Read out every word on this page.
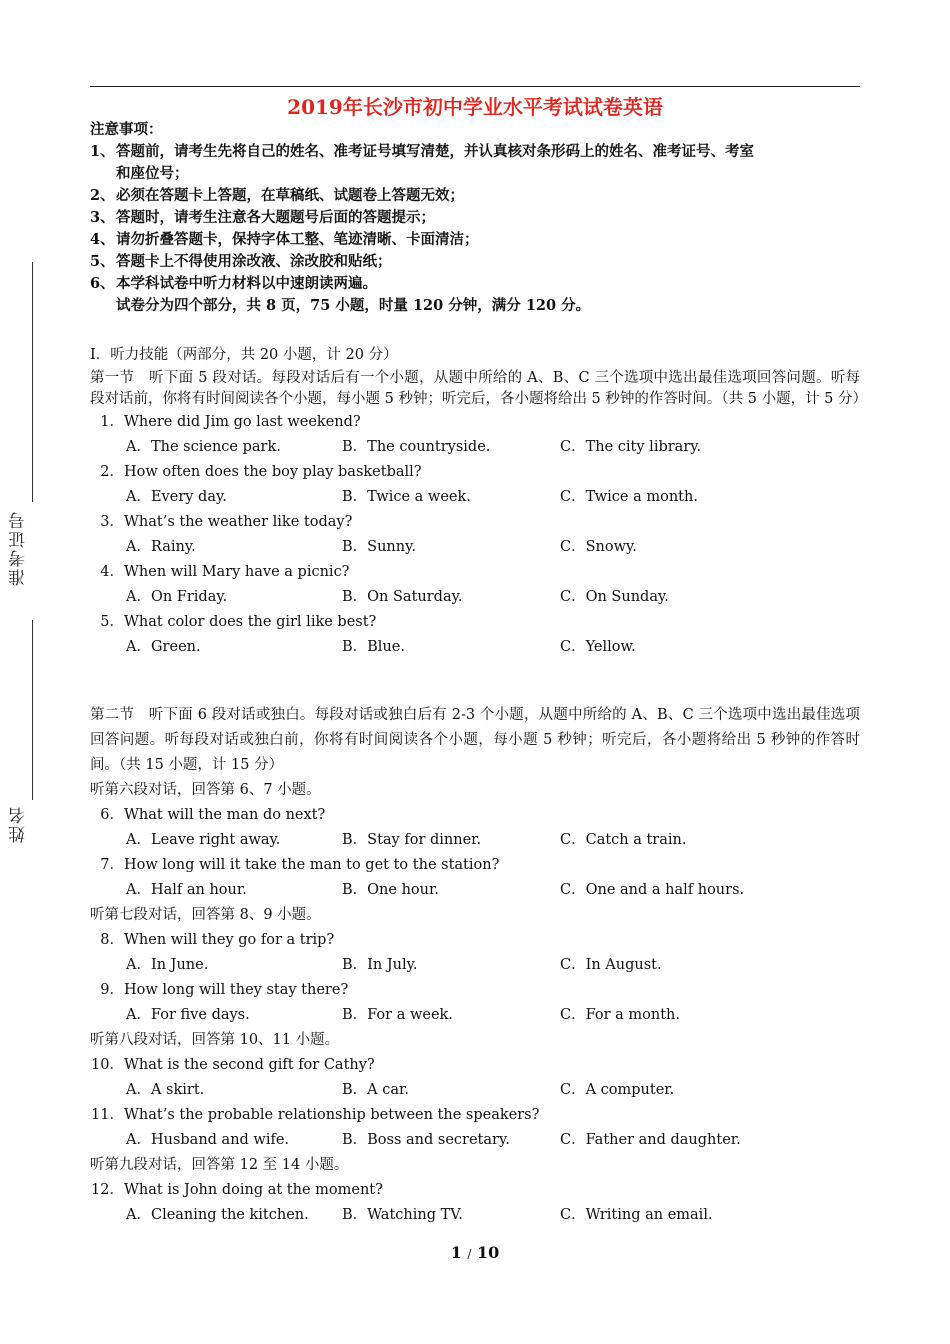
2019年长沙市初中学业水平考试试卷英语
注意事项：
1、 答题前，请考生先将自己的姓名、准考证号填写清楚，并认真核对条形码上的姓名、准考证号、考室
和座位号；
2、 必须在答题卡上答题，在草稿纸、试题卷上答题无效；
3、 答题时，请考生注意各大题题号后面的答题提示；
4、 请勿折叠答题卡，保持字体工整、笔迹清晰、卡面清洁；
5、 答题卡上不得使用涂改液、涂改胶和贴纸；
6、 本学科试卷中听力材料以中速朗读两遍。
试卷分为四个部分，共 8 页，75 小题，时量 120 分钟，满分 120 分。
准考证号
姓名
I．听力技能（两部分，共 20 小题，计 20 分）
第一节　听下面 5 段对话。每段对话后有一个小题，从题中所给的 A、B、C 三个选项中选出最佳选项回答问题。听每段对话前，你将有时间阅读各个小题，每小题 5 秒钟；听完后，各小题将给出 5 秒钟的作答时间。（共 5 小题，计 5 分）
1． Where did Jim go last weekend?
A．The science park.	B．The countryside.	C．The city library.
2． How often does the boy play basketball?
A．Every day.	B．Twice a week.	C．Twice a month.
3． What’s the weather like today?
A．Rainy.	B．Sunny.	C．Snowy.
4． When will Mary have a picnic?
A．On Friday.	B．On Saturday.	C．On Sunday.
5． What color does the girl like best?
A．Green.	B．Blue.	C．Yellow.
第二节　听下面 6 段对话或独白。每段对话或独白后有 2-3 个小题，从题中所给的 A、B、C 三个选项中选出最佳选项回答问题。听每段对话或独白前，你将有时间阅读各个小题，每小题 5 秒钟；听完后，各小题将给出 5 秒钟的作答时间。（共 15 小题，计 15 分）
听第六段对话，回答第 6、7 小题。
6． What will the man do next?
A．Leave right away.	B．Stay for dinner.	C．Catch a train.
7． How long will it take the man to get to the station?
A．Half an hour.	B．One hour.	C．One and a half hours.
听第七段对话，回答第 8、9 小题。
8． When will they go for a trip?
A．In June.	B．In July.	C．In August.
9． How long will they stay there?
A．For five days.	B．For a week.	C．For a month.
听第八段对话，回答第 10、11 小题。
10． What is the second gift for Cathy?
A．A skirt.	B．A car.	C．A computer.
11． What’s the probable relationship between the speakers?
A．Husband and wife.	B．Boss and secretary.	C．Father and daughter.
听第九段对话，回答第 12 至 14 小题。
12． What is John doing at the moment?
A．Cleaning the kitchen.	B．Watching TV.	C．Writing an email.
1 / 10
